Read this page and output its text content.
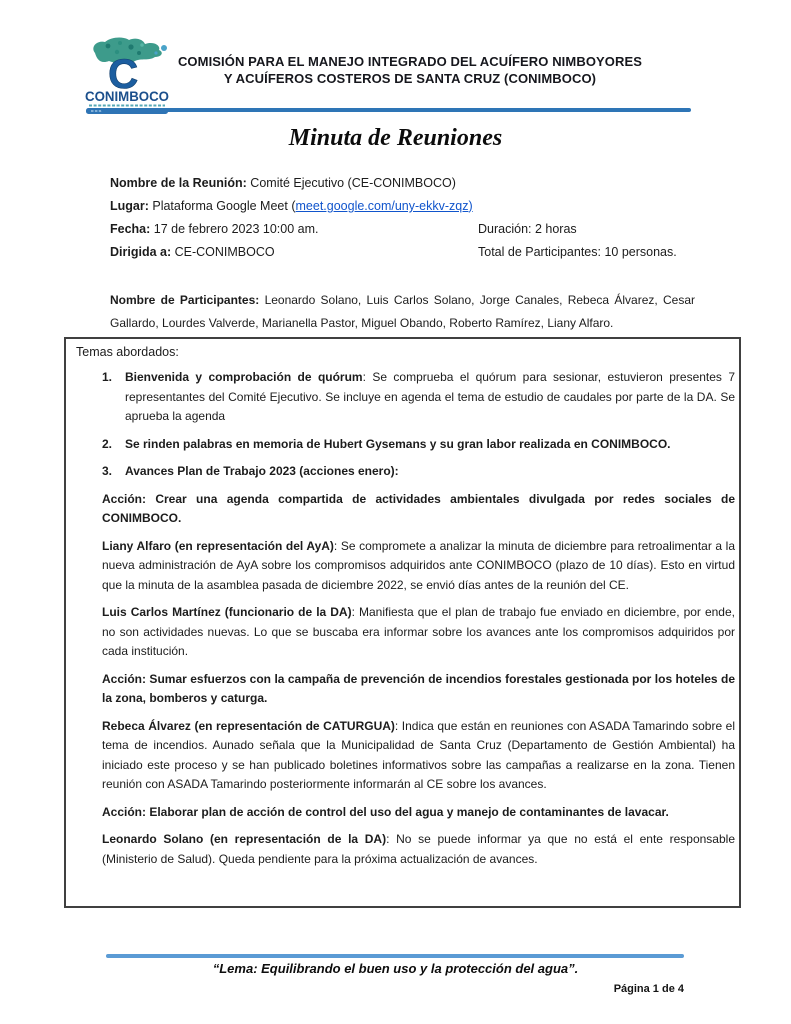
C
CONIMBOCO
COMISIÓN PARA EL MANEJO INTEGRADO DEL ACUÍFERO NIMBOYORES
Y ACUÍFEROS COSTEROS DE SANTA CRUZ (CONIMBOCO)
Minuta de Reuniones
Nombre de la Reunión: Comité Ejecutivo (CE-CONIMBOCO)
Lugar: Plataforma Google Meet (meet.google.com/uny-ekkv-zqz)
Fecha: 17 de febrero 2023 10:00 am.	Duración: 2 horas
Dirigida a: CE-CONIMBOCO	Total de Participantes: 10 personas.

Nombre de Participantes: Leonardo Solano, Luis Carlos Solano, Jorge Canales, Rebeca Álvarez, Cesar Gallardo, Lourdes Valverde, Marianella Pastor, Miguel Obando, Roberto Ramírez, Liany Alfaro.

Temas abordados:

1. Bienvenida y comprobación de quórum: Se comprueba el quórum para sesionar, estuvieron presentes 7 representantes del Comité Ejecutivo. Se incluye en agenda el tema de estudio de caudales por parte de la DA. Se aprueba la agenda

2. Se rinden palabras en memoria de Hubert Gysemans y su gran labor realizada en CONIMBOCO.

3. Avances Plan de Trabajo 2023 (acciones enero):

Acción: Crear una agenda compartida de actividades ambientales divulgada por redes sociales de CONIMBOCO.

Liany Alfaro (en representación del AyA): Se compromete a analizar la minuta de diciembre para retroalimentar a la nueva administración de AyA sobre los compromisos adquiridos ante CONIMBOCO (plazo de 10 días). Esto en virtud que la minuta de la asamblea pasada de diciembre 2022, se envió días antes de la reunión del CE.

Luis Carlos Martínez (funcionario de la DA): Manifiesta que el plan de trabajo fue enviado en diciembre, por ende, no son actividades nuevas. Lo que se buscaba era informar sobre los avances ante los compromisos adquiridos por cada institución.

Acción: Sumar esfuerzos con la campaña de prevención de incendios forestales gestionada por los hoteles de la zona, bomberos y caturga.

Rebeca Álvarez (en representación de CATURGUA): Indica que están en reuniones con ASADA Tamarindo sobre el tema de incendios. Aunado señala que la Municipalidad de Santa Cruz (Departamento de Gestión Ambiental) ha iniciado este proceso y se han publicado boletines informativos sobre las campañas a realizarse en la zona. Tienen reunión con ASADA Tamarindo posteriormente informarán al CE sobre los avances.

Acción: Elaborar plan de acción de control del uso del agua y manejo de contaminantes de lavacar.

Leonardo Solano (en representación de la DA): No se puede informar ya que no está el ente responsable (Ministerio de Salud). Queda pendiente para la próxima actualización de avances.

“Lema: Equilibrando el buen uso y la protección del agua”.
Página 1 de 4
